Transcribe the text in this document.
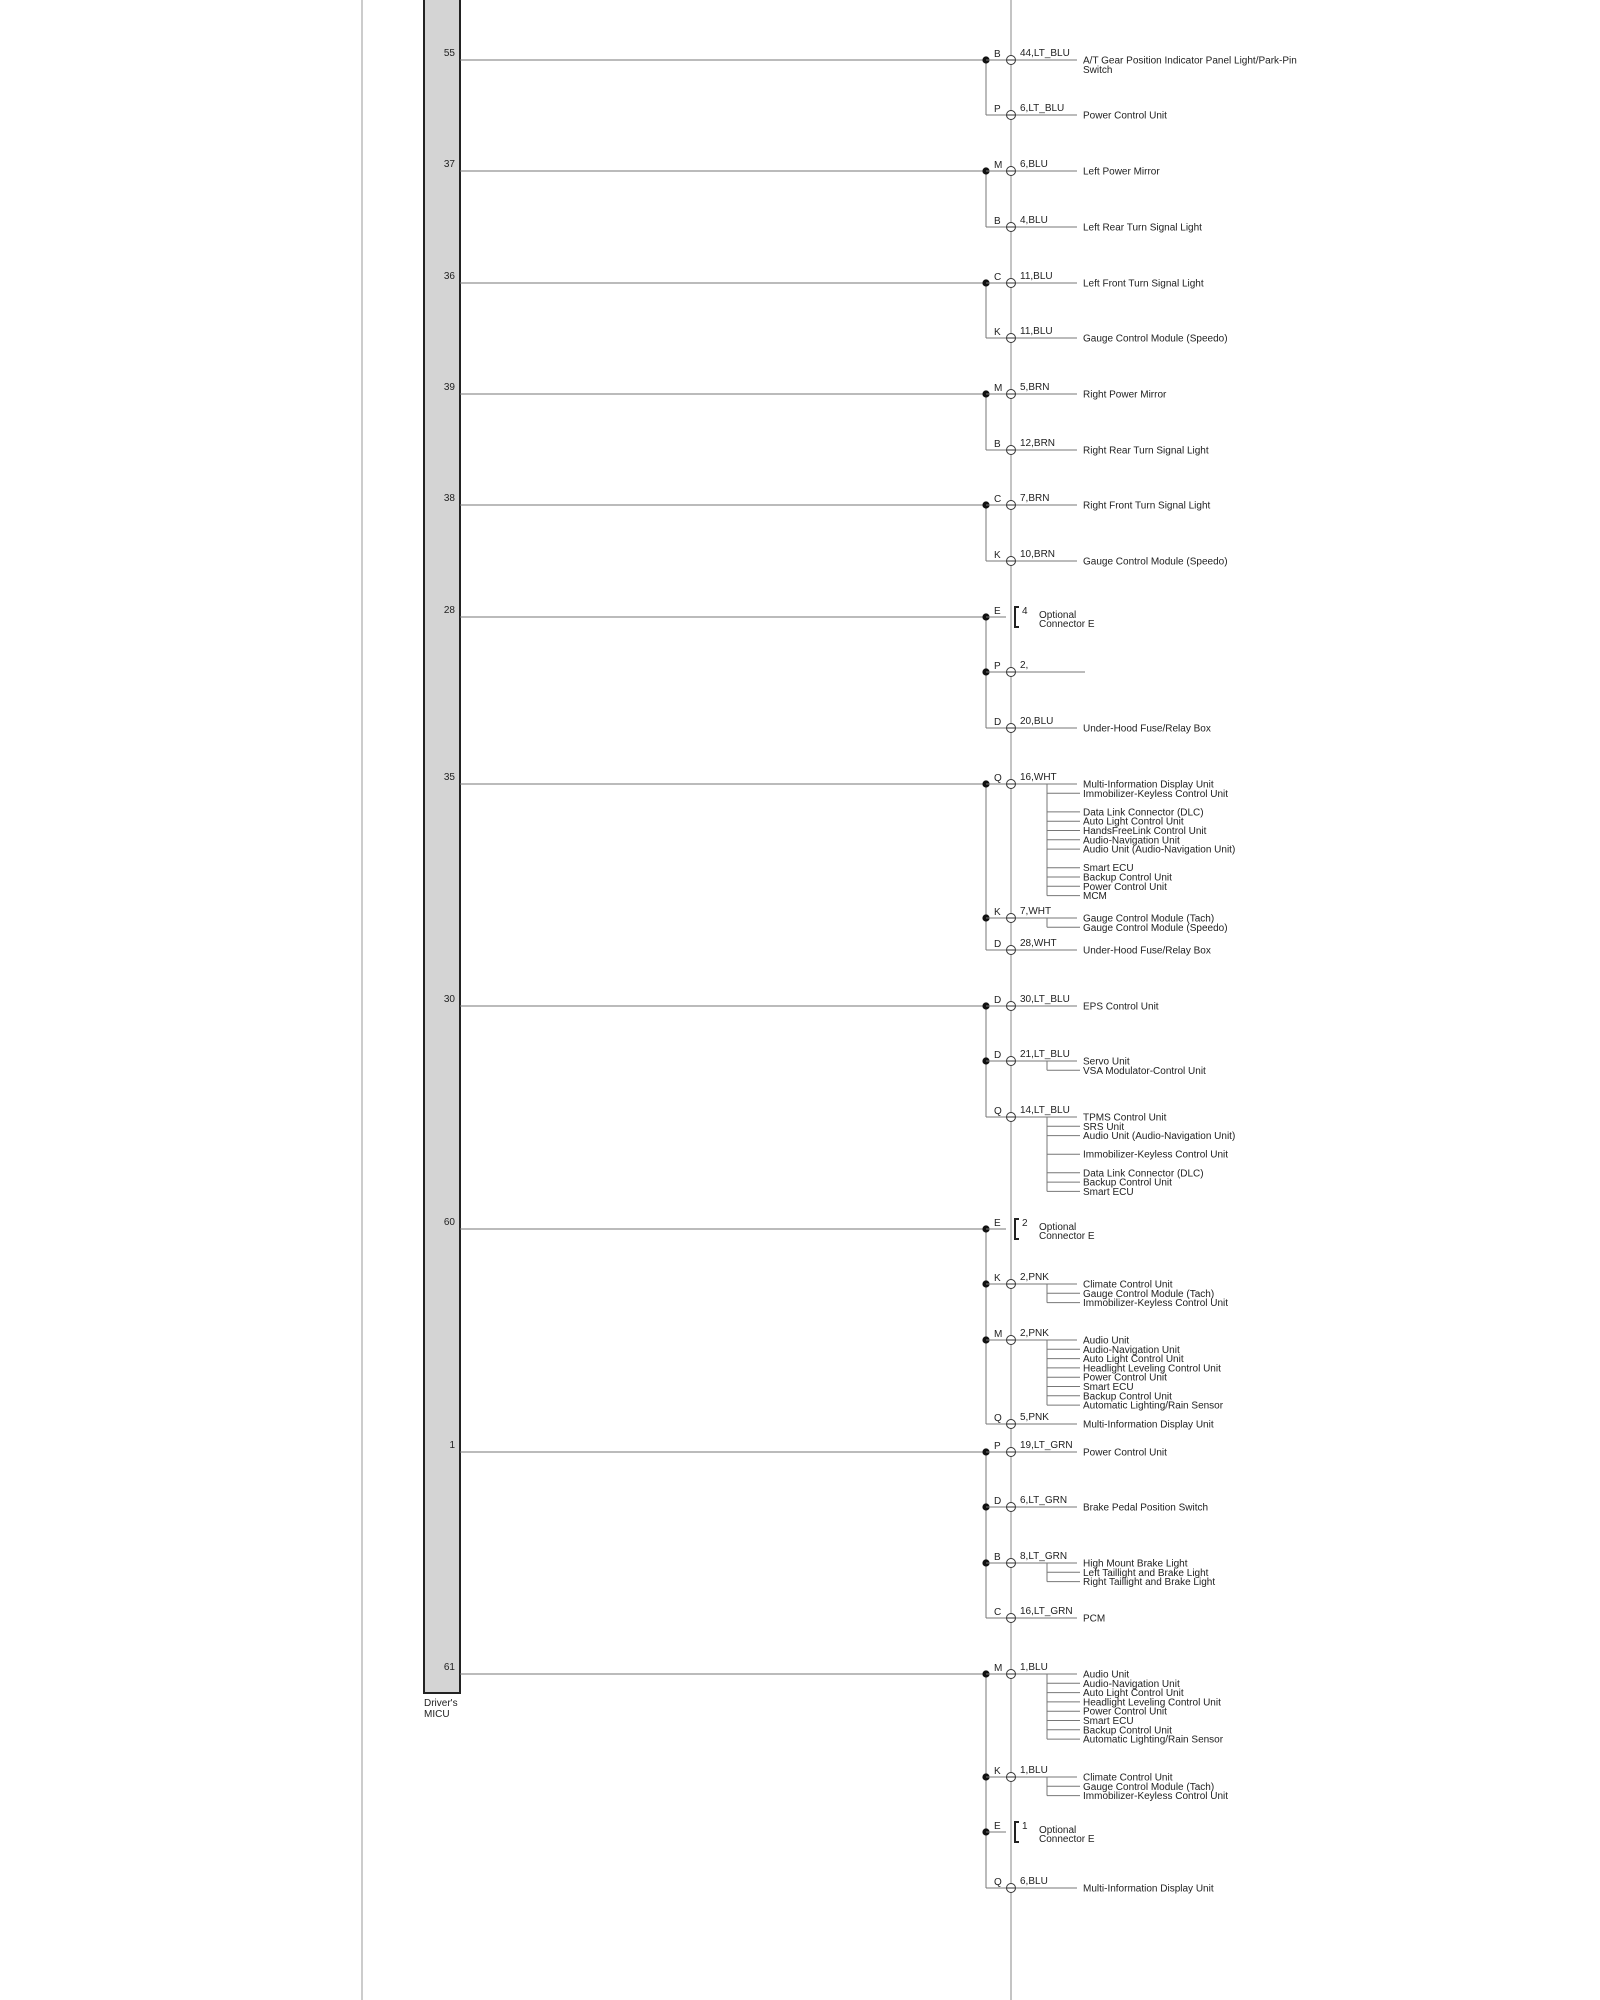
Driver's
MICU
55	B 44,LT_BLU
A/T Gear Position Indicator Panel Light/Park-Pin
Switch
P 6,LT_BLU
Power Control Unit
37	M 6,BLU
Left Power Mirror
B 4,BLU
Left Rear Turn Signal Light
36	C 11,BLU
Left Front Turn Signal Light
K 11,BLU
Gauge Control Module (Speedo)
39	M 5,BRN
Right Power Mirror
B 12,BRN
Right Rear Turn Signal Light
38	C 7,BRN
Right Front Turn Signal Light
K 10,BRN
Gauge Control Module (Speedo)
28	E 4 Optional
Connector E
P 2,
D 20,BLU
Under-Hood Fuse/Relay Box
35	Q 16,WHT
Multi-Information Display Unit
Immobilizer-Keyless Control Unit
Data Link Connector (DLC)
Auto Light Control Unit
HandsFreeLink Control Unit
Audio-Navigation Unit
Audio Unit (Audio-Navigation Unit)
Smart ECU
Backup Control Unit
Power Control Unit
MCM
K 7,WHT
Gauge Control Module (Tach)
Gauge Control Module (Speedo)
D 28,WHT
Under-Hood Fuse/Relay Box
30	D 30,LT_BLU
EPS Control Unit
D 21,LT_BLU
Servo Unit
VSA Modulator-Control Unit
Q 14,LT_BLU
TPMS Control Unit
SRS Unit
Audio Unit (Audio-Navigation Unit)
Immobilizer-Keyless Control Unit
Data Link Connector (DLC)
Backup Control Unit
Smart ECU
60	E 2 Optional
Connector E
K 2,PNK
Climate Control Unit
Gauge Control Module (Tach)
Immobilizer-Keyless Control Unit
M 2,PNK
Audio Unit
Audio-Navigation Unit
Auto Light Control Unit
Headlight Leveling Control Unit
Power Control Unit
Smart ECU
Backup Control Unit
Automatic Lighting/Rain Sensor
Q 5,PNK
Multi-Information Display Unit
1	P 19,LT_GRN
Power Control Unit
D 6,LT_GRN
Brake Pedal Position Switch
B 8,LT_GRN
High Mount Brake Light
Left Taillight and Brake Light
Right Taillight and Brake Light
C 16,LT_GRN
PCM
61	M 1,BLU
Audio Unit
Audio-Navigation Unit
Auto Light Control Unit
Headlight Leveling Control Unit
Power Control Unit
Smart ECU
Backup Control Unit
Automatic Lighting/Rain Sensor
K 1,BLU
Climate Control Unit
Gauge Control Module (Tach)
Immobilizer-Keyless Control Unit
E 1 Optional
Connector E
Q 6,BLU
Multi-Information Display Unit
